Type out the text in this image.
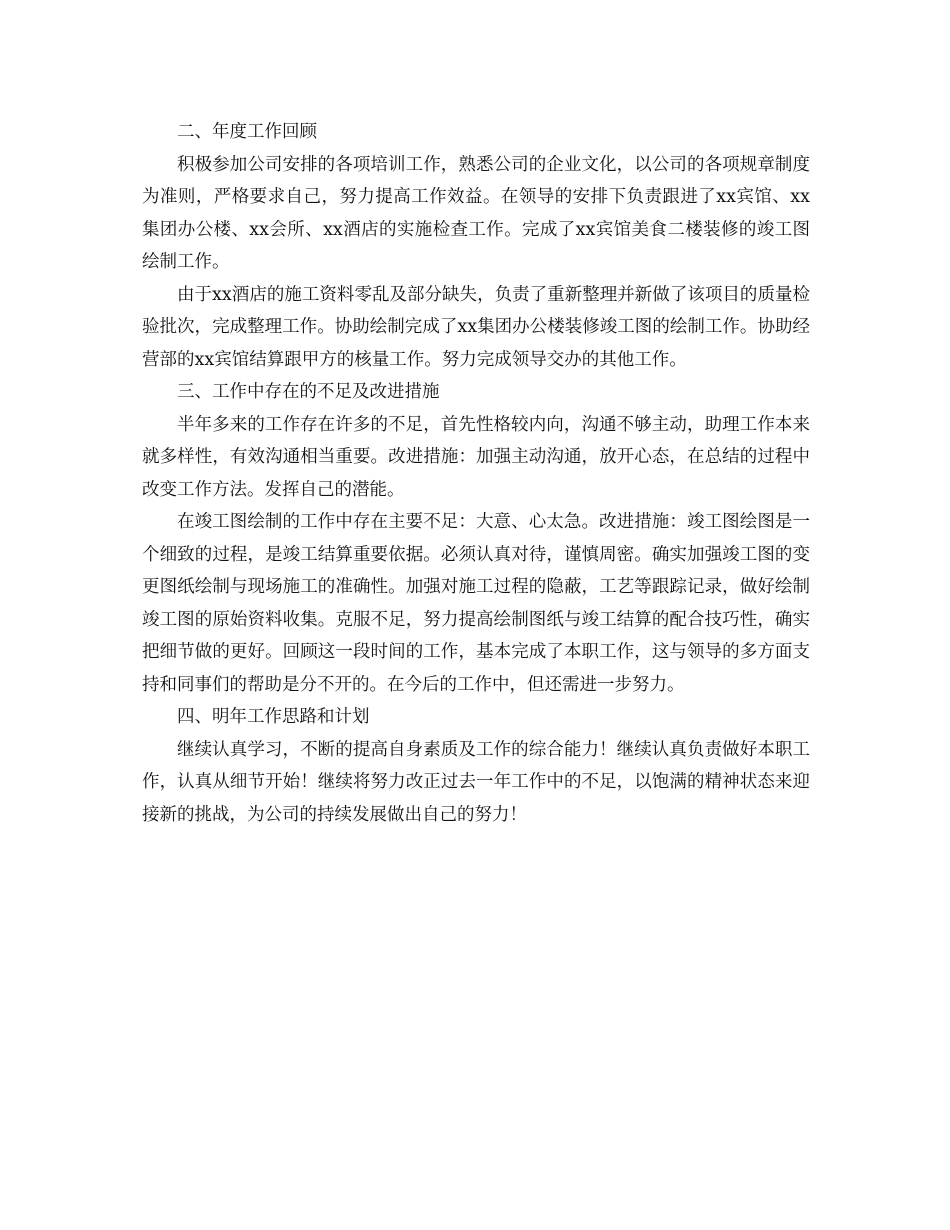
二、年度工作回顾

积极参加公司安排的各项培训工作，熟悉公司的企业文化，以公司的各项规章制度为准则，严格要求自己，努力提高工作效益。在领导的安排下负责跟进了xx宾馆、xx集团办公楼、xx会所、xx酒店的实施检查工作。完成了xx宾馆美食二楼装修的竣工图绘制工作。

由于xx酒店的施工资料零乱及部分缺失，负责了重新整理并新做了该项目的质量检验批次，完成整理工作。协助绘制完成了xx集团办公楼装修竣工图的绘制工作。协助经营部的xx宾馆结算跟甲方的核量工作。努力完成领导交办的其他工作。

三、工作中存在的不足及改进措施

半年多来的工作存在许多的不足，首先性格较内向，沟通不够主动，助理工作本来就多样性，有效沟通相当重要。改进措施：加强主动沟通，放开心态，在总结的过程中改变工作方法。发挥自己的潜能。

在竣工图绘制的工作中存在主要不足：大意、心太急。改进措施：竣工图绘图是一个细致的过程，是竣工结算重要依据。必须认真对待，谨慎周密。确实加强竣工图的变更图纸绘制与现场施工的准确性。加强对施工过程的隐蔽，工艺等跟踪记录，做好绘制竣工图的原始资料收集。克服不足，努力提高绘制图纸与竣工结算的配合技巧性，确实把细节做的更好。回顾这一段时间的工作，基本完成了本职工作，这与领导的多方面支持和同事们的帮助是分不开的。在今后的工作中，但还需进一步努力。

四、明年工作思路和计划

继续认真学习，不断的提高自身素质及工作的综合能力！继续认真负责做好本职工作，认真从细节开始！继续将努力改正过去一年工作中的不足，以饱满的精神状态来迎接新的挑战，为公司的持续发展做出自己的努力！
